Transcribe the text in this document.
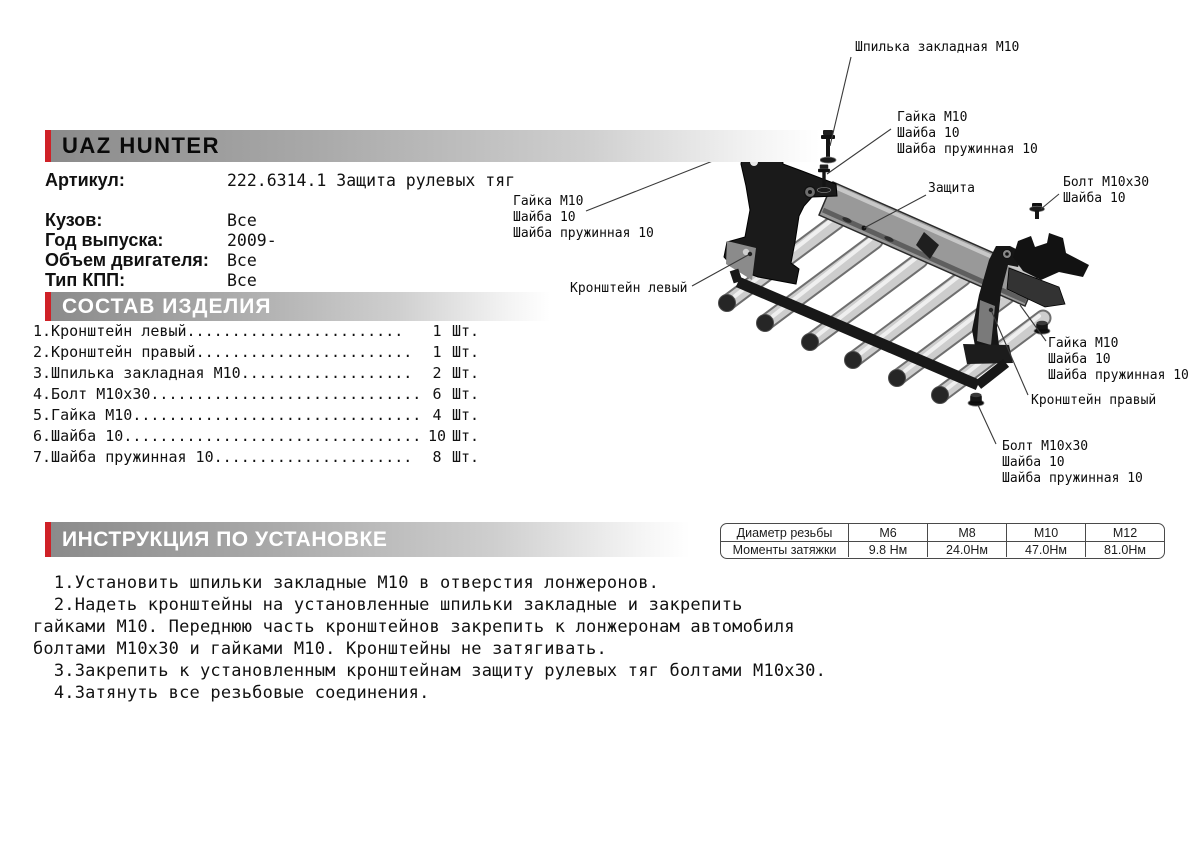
UAZ HUNTER
Артикул:	222.6314.1 Защита рулевых тяг
Кузов:	Все
Год выпуска:	2009-
Объем двигателя: Все
Тип КПП:	Все
СОСТАВ ИЗДЕЛИЯ
1.Кронштейн левый........................	1 Шт.
2.Кронштейн правый........................	1 Шт.
3.Шпилька закладная М10...................	2 Шт.
4.Болт М10х30.............................. 6 Шт.
5.Гайка М10................................ 4 Шт.
6.Шайба 10................................. 10 Шт.
7.Шайба пружинная 10......................	8 Шт.
Шпилька закладная М10
Гайка М10
Шайба 10
Шайба пружинная 10
Защита	Болт М10х30
Шайба 10
Гайка М10
Шайба 10
Шайба пружинная 10
Кронштейн левый
Гайка М10
Шайба 10
Шайба пружинная 10
Кронштейн правый
Болт М10х30
Шайба 10
Шайба пружинная 10
Диаметр резьбы	М6	М8	М10	М12
Моменты затяжки	9.8 Нм	24.0Нм	47.0Нм	81.0Нм
ИНСТРУКЦИЯ ПО УСТАНОВКЕ
1.Установить шпильки закладные М10 в отверстия лонжеронов.
2.Надеть кронштейны на установленные шпильки закладные и закрепить
гайками М10. Переднюю часть кронштейнов закрепить к лонжеронам автомобиля
болтами М10х30 и гайками М10. Кронштейны не затягивать.
3.Закрепить к установленным кронштейнам защиту рулевых тяг болтами М10х30.
4.Затянуть все резьбовые соединения.
